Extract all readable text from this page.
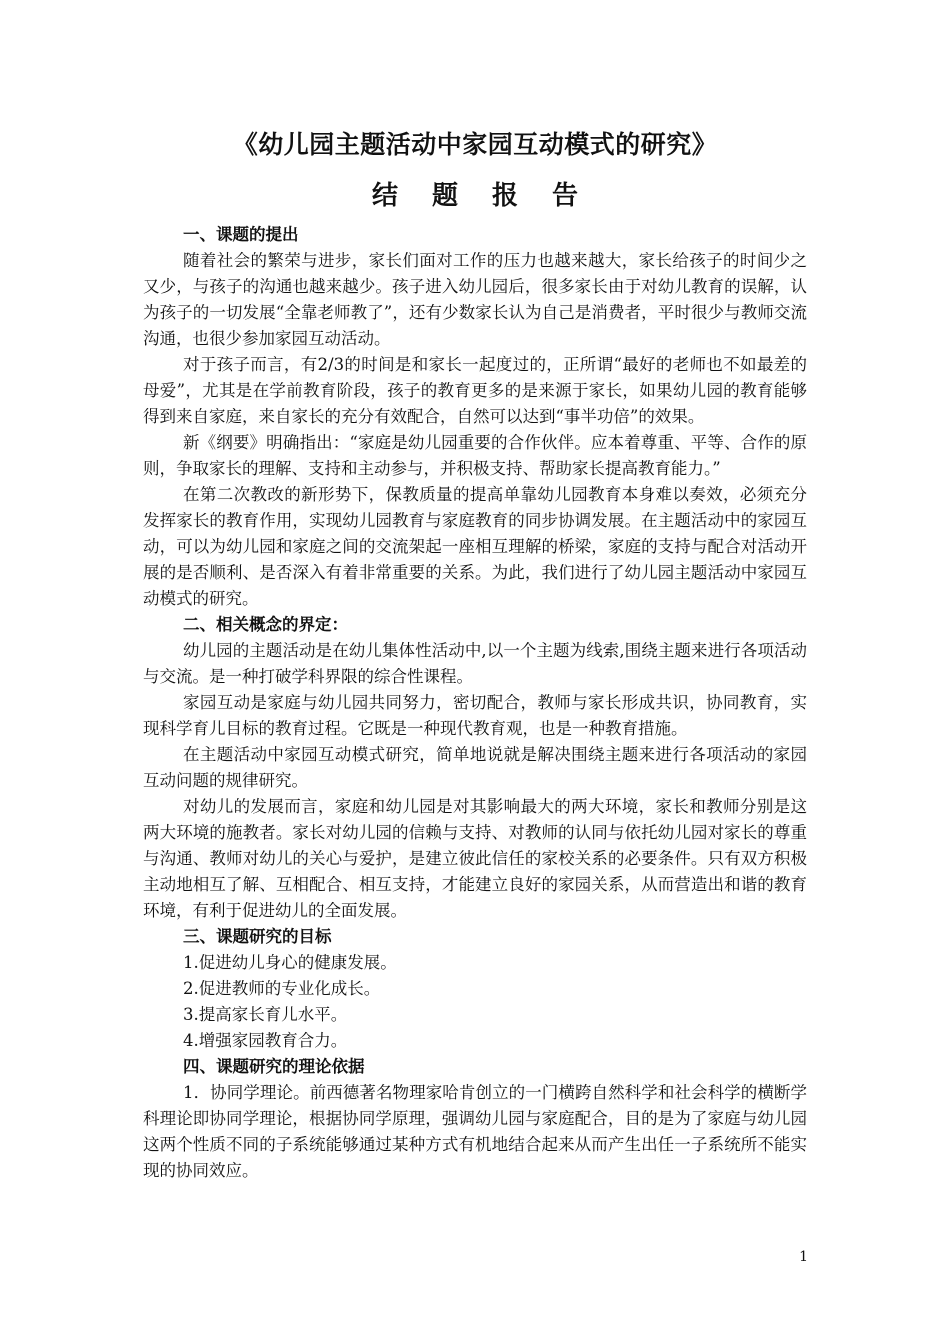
《幼儿园主题活动中家园互动模式的研究》
结题报告

一、课题的提出

随着社会的繁荣与进步，家长们面对工作的压力也越来越大，家长给孩子的时间少之又少，与孩子的沟通也越来越少。孩子进入幼儿园后，很多家长由于对幼儿教育的误解，认为孩子的一切发展“全靠老师教了”，还有少数家长认为自己是消费者，平时很少与教师交流沟通，也很少参加家园互动活动。

对于孩子而言，有2/3的时间是和家长一起度过的，正所谓“最好的老师也不如最差的母爱”，尤其是在学前教育阶段，孩子的教育更多的是来源于家长，如果幼儿园的教育能够得到来自家庭，来自家长的充分有效配合，自然可以达到“事半功倍”的效果。

新《纲要》明确指出：“家庭是幼儿园重要的合作伙伴。应本着尊重、平等、合作的原则，争取家长的理解、支持和主动参与，并积极支持、帮助家长提高教育能力。”

在第二次教改的新形势下，保教质量的提高单靠幼儿园教育本身难以奏效，必须充分发挥家长的教育作用，实现幼儿园教育与家庭教育的同步协调发展。在主题活动中的家园互动，可以为幼儿园和家庭之间的交流架起一座相互理解的桥梁，家庭的支持与配合对活动开展的是否顺利、是否深入有着非常重要的关系。为此，我们进行了幼儿园主题活动中家园互动模式的研究。

二、相关概念的界定：

幼儿园的主题活动是在幼儿集体性活动中,以一个主题为线索,围绕主题来进行各项活动与交流。是一种打破学科界限的综合性课程。

家园互动是家庭与幼儿园共同努力，密切配合，教师与家长形成共识，协同教育，实现科学育儿目标的教育过程。它既是一种现代教育观，也是一种教育措施。

在主题活动中家园互动模式研究，简单地说就是解决围绕主题来进行各项活动的家园互动问题的规律研究。

对幼儿的发展而言，家庭和幼儿园是对其影响最大的两大环境，家长和教师分别是这两大环境的施教者。家长对幼儿园的信赖与支持、对教师的认同与依托幼儿园对家长的尊重与沟通、教师对幼儿的关心与爱护，是建立彼此信任的家校关系的必要条件。只有双方积极主动地相互了解、互相配合、相互支持，才能建立良好的家园关系，从而营造出和谐的教育环境，有利于促进幼儿的全面发展。

三、课题研究的目标

1.促进幼儿身心的健康发展。

2.促进教师的专业化成长。

3.提高家长育儿水平。

4.增强家园教育合力。

四、课题研究的理论依据

1．协同学理论。前西德著名物理家哈肯创立的一门横跨自然科学和社会科学的横断学科理论即协同学理论，根据协同学原理，强调幼儿园与家庭配合，目的是为了家庭与幼儿园这两个性质不同的子系统能够通过某种方式有机地结合起来从而产生出任一子系统所不能实现的协同效应。

1
